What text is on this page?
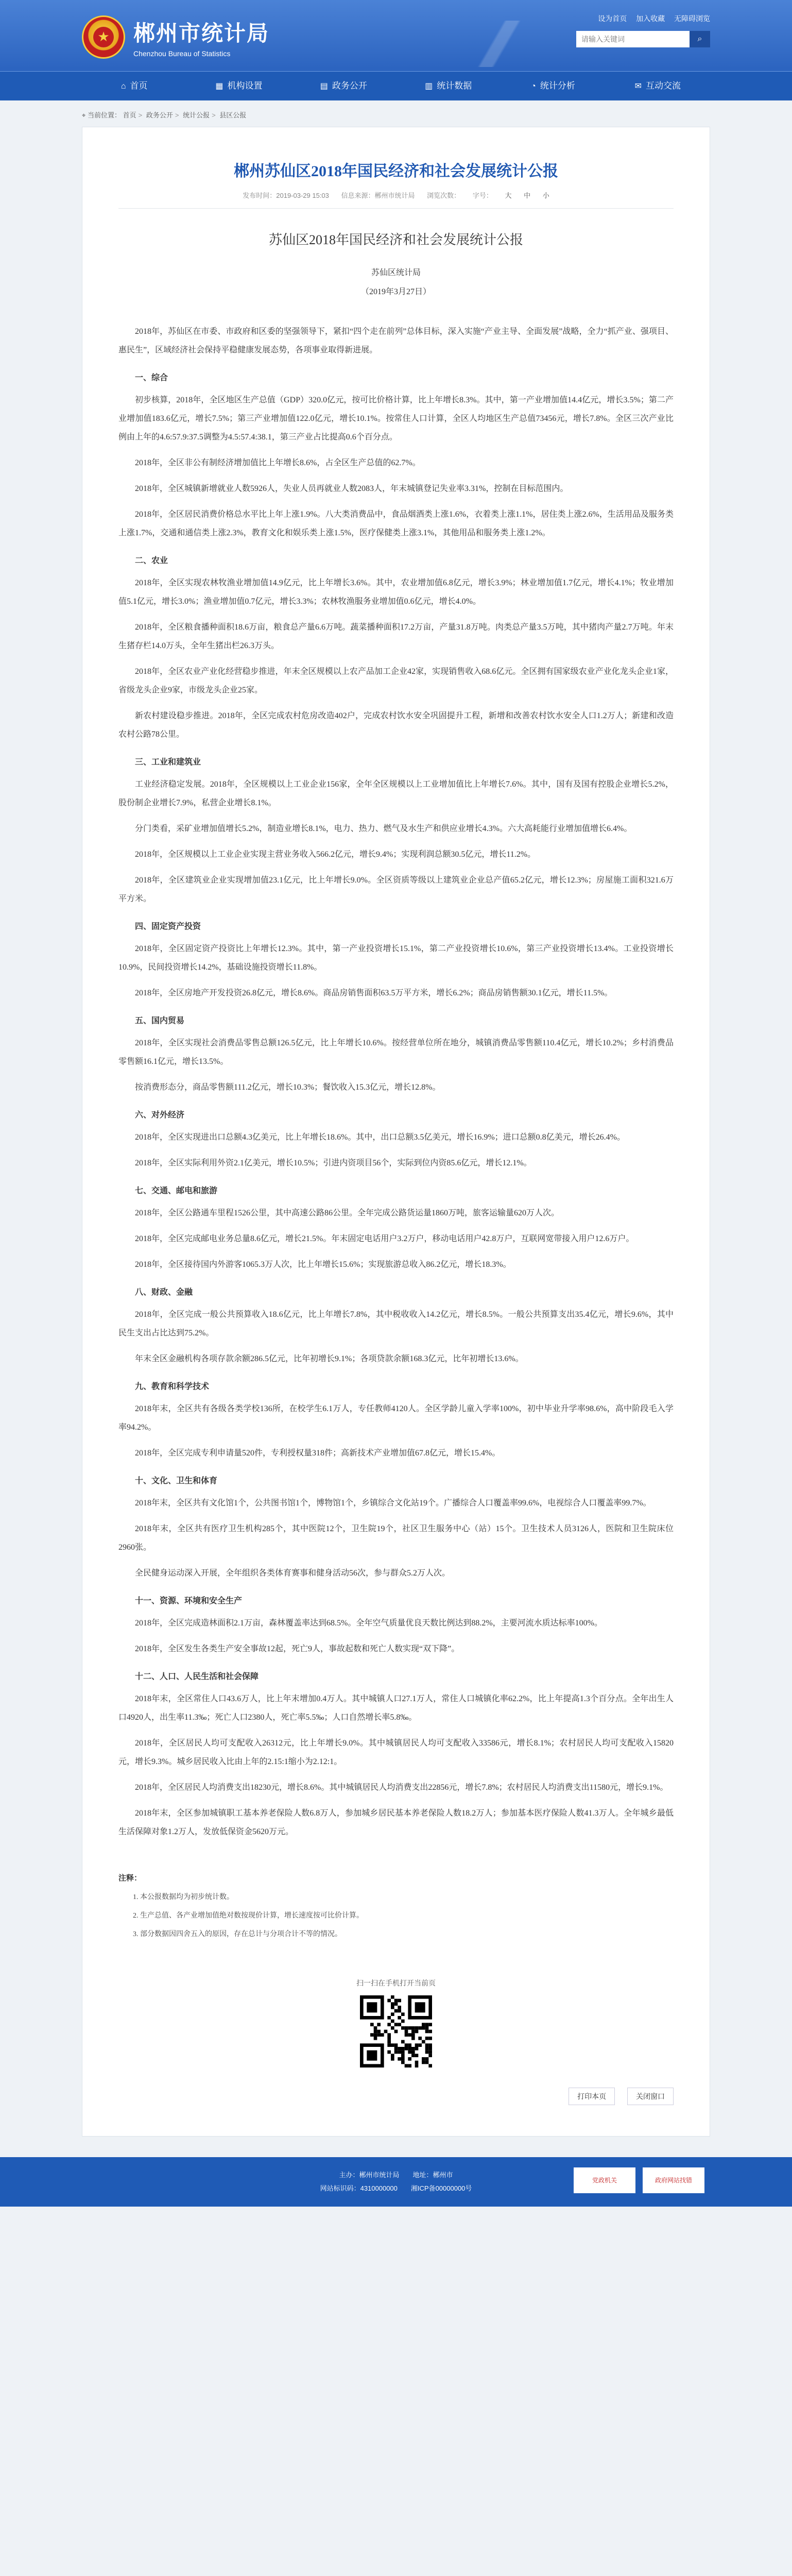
★ 郴州市统计局
Chenzhou Bureau of Statistics
设为首页 加入收藏 无障碍浏览
请输入关键词
⌕
⌂ 首页	▦ 机构设置	▤ 政务公开	▥ 统计数据	◔ 统计分析	✉ 互动交流
⌖ 当前位置： 首页 > 政务公开 > 统计公报 > 县区公报
郴州苏仙区2018年国民经济和社会发展统计公报
发布时间：2019-03-29 15:03 信息来源：郴州市统计局 浏览次数： 字号： 大 中 小
苏仙区2018年国民经济和社会发展统计公报
苏仙区统计局
（2019年3月27日）

2018年，苏仙区在市委、市政府和区委的坚强领导下，紧扣“四个走在前列”总体目标，深入实施“产业主导、全面发展”战略，全力“抓产业、强项目、惠民生”，区域经济社会保持平稳健康发展态势，各项事业取得新进展。

一、综合

初步核算，2018年，全区地区生产总值（GDP）320.0亿元，按可比价格计算，比上年增长8.3%。其中，第一产业增加值14.4亿元，增长3.5%；第二产业增加值183.6亿元，增长7.5%；第三产业增加值122.0亿元，增长10.1%。按常住人口计算，全区人均地区生产总值73456元，增长7.8%。全区三次产业比例由上年的4.6:57.9:37.5调整为4.5:57.4:38.1，第三产业占比提高0.6个百分点。

2018年，全区非公有制经济增加值比上年增长8.6%，占全区生产总值的62.7%。

2018年，全区城镇新增就业人数5926人，失业人员再就业人数2083人，年末城镇登记失业率3.31%，控制在目标范围内。

2018年，全区居民消费价格总水平比上年上涨1.9%。八大类消费品中，食品烟酒类上涨1.6%，衣着类上涨1.1%，居住类上涨2.6%，生活用品及服务类上涨1.7%，交通和通信类上涨2.3%，教育文化和娱乐类上涨1.5%，医疗保健类上涨3.1%，其他用品和服务类上涨1.2%。

二、农业

2018年，全区实现农林牧渔业增加值14.9亿元，比上年增长3.6%。其中，农业增加值6.8亿元，增长3.9%；林业增加值1.7亿元，增长4.1%；牧业增加值5.1亿元，增长3.0%；渔业增加值0.7亿元，增长3.3%；农林牧渔服务业增加值0.6亿元，增长4.0%。

2018年，全区粮食播种面积18.6万亩，粮食总产量6.6万吨。蔬菜播种面积17.2万亩，产量31.8万吨。肉类总产量3.5万吨，其中猪肉产量2.7万吨。年末生猪存栏14.0万头，全年生猪出栏26.3万头。

2018年，全区农业产业化经营稳步推进，年末全区规模以上农产品加工企业42家，实现销售收入68.6亿元。全区拥有国家级农业产业化龙头企业1家，省级龙头企业9家，市级龙头企业25家。

新农村建设稳步推进。2018年，全区完成农村危房改造402户，完成农村饮水安全巩固提升工程，新增和改善农村饮水安全人口1.2万人；新建和改造农村公路78公里。

三、工业和建筑业

工业经济稳定发展。2018年，全区规模以上工业企业156家，全年全区规模以上工业增加值比上年增长7.6%。其中，国有及国有控股企业增长5.2%，股份制企业增长7.9%，私营企业增长8.1%。

分门类看，采矿业增加值增长5.2%，制造业增长8.1%，电力、热力、燃气及水生产和供应业增长4.3%。六大高耗能行业增加值增长6.4%。

2018年，全区规模以上工业企业实现主营业务收入566.2亿元，增长9.4%；实现利润总额30.5亿元，增长11.2%。

2018年，全区建筑业企业实现增加值23.1亿元，比上年增长9.0%。全区资质等级以上建筑业企业总产值65.2亿元，增长12.3%；房屋施工面积321.6万平方米。

四、固定资产投资

2018年，全区固定资产投资比上年增长12.3%。其中，第一产业投资增长15.1%，第二产业投资增长10.6%，第三产业投资增长13.4%。工业投资增长10.9%，民间投资增长14.2%，基础设施投资增长11.8%。

2018年，全区房地产开发投资26.8亿元，增长8.6%。商品房销售面积63.5万平方米，增长6.2%；商品房销售额30.1亿元，增长11.5%。

五、国内贸易

2018年，全区实现社会消费品零售总额126.5亿元，比上年增长10.6%。按经营单位所在地分，城镇消费品零售额110.4亿元，增长10.2%；乡村消费品零售额16.1亿元，增长13.5%。

按消费形态分，商品零售额111.2亿元，增长10.3%；餐饮收入15.3亿元，增长12.8%。

六、对外经济

2018年，全区实现进出口总额4.3亿美元，比上年增长18.6%。其中，出口总额3.5亿美元，增长16.9%；进口总额0.8亿美元，增长26.4%。

2018年，全区实际利用外资2.1亿美元，增长10.5%；引进内资项目56个，实际到位内资85.6亿元，增长12.1%。

七、交通、邮电和旅游

2018年，全区公路通车里程1526公里，其中高速公路86公里。全年完成公路货运量1860万吨，旅客运输量620万人次。

2018年，全区完成邮电业务总量8.6亿元，增长21.5%。年末固定电话用户3.2万户，移动电话用户42.8万户，互联网宽带接入用户12.6万户。

2018年，全区接待国内外游客1065.3万人次，比上年增长15.6%；实现旅游总收入86.2亿元，增长18.3%。

八、财政、金融

2018年，全区完成一般公共预算收入18.6亿元，比上年增长7.8%，其中税收收入14.2亿元，增长8.5%。一般公共预算支出35.4亿元，增长9.6%，其中民生支出占比达到75.2%。

年末全区金融机构各项存款余额286.5亿元，比年初增长9.1%；各项贷款余额168.3亿元，比年初增长13.6%。

九、教育和科学技术

2018年末，全区共有各级各类学校136所，在校学生6.1万人，专任教师4120人。全区学龄儿童入学率100%，初中毕业升学率98.6%，高中阶段毛入学率94.2%。

2018年，全区完成专利申请量520件，专利授权量318件；高新技术产业增加值67.8亿元，增长15.4%。

十、文化、卫生和体育

2018年末，全区共有文化馆1个，公共图书馆1个，博物馆1个，乡镇综合文化站19个。广播综合人口覆盖率99.6%，电视综合人口覆盖率99.7%。

2018年末，全区共有医疗卫生机构285个，其中医院12个，卫生院19个，社区卫生服务中心（站）15个。卫生技术人员3126人，医院和卫生院床位2960张。

全民健身运动深入开展，全年组织各类体育赛事和健身活动56次，参与群众5.2万人次。

十一、资源、环境和安全生产

2018年，全区完成造林面积2.1万亩，森林覆盖率达到68.5%。全年空气质量优良天数比例达到88.2%，主要河流水质达标率100%。

2018年，全区发生各类生产安全事故12起，死亡9人，事故起数和死亡人数实现“双下降”。

十二、人口、人民生活和社会保障

2018年末，全区常住人口43.6万人，比上年末增加0.4万人。其中城镇人口27.1万人，常住人口城镇化率62.2%，比上年提高1.3个百分点。全年出生人口4920人，出生率11.3‰；死亡人口2380人，死亡率5.5‰；人口自然增长率5.8‰。

2018年，全区居民人均可支配收入26312元，比上年增长9.0%。其中城镇居民人均可支配收入33586元，增长8.1%；农村居民人均可支配收入15820元，增长9.3%。城乡居民收入比由上年的2.15:1缩小为2.12:1。

2018年，全区居民人均消费支出18230元，增长8.6%。其中城镇居民人均消费支出22856元，增长7.8%；农村居民人均消费支出11580元，增长9.1%。

2018年末，全区参加城镇职工基本养老保险人数6.8万人，参加城乡居民基本养老保险人数18.2万人；参加基本医疗保险人数41.3万人。全年城乡最低生活保障对象1.2万人，发放低保资金5620万元。

注释：
1. 本公报数据均为初步统计数。
2. 生产总值、各产业增加值绝对数按现价计算，增长速度按可比价计算。
3. 部分数据因四舍五入的原因，存在总计与分项合计不等的情况。
扫一扫在手机打开当前页
打印本页	关闭窗口
主办：郴州市统计局　　地址：郴州市
网站标识码：4310000000　　湘ICP备00000000号
党政机关	政府网站找错
